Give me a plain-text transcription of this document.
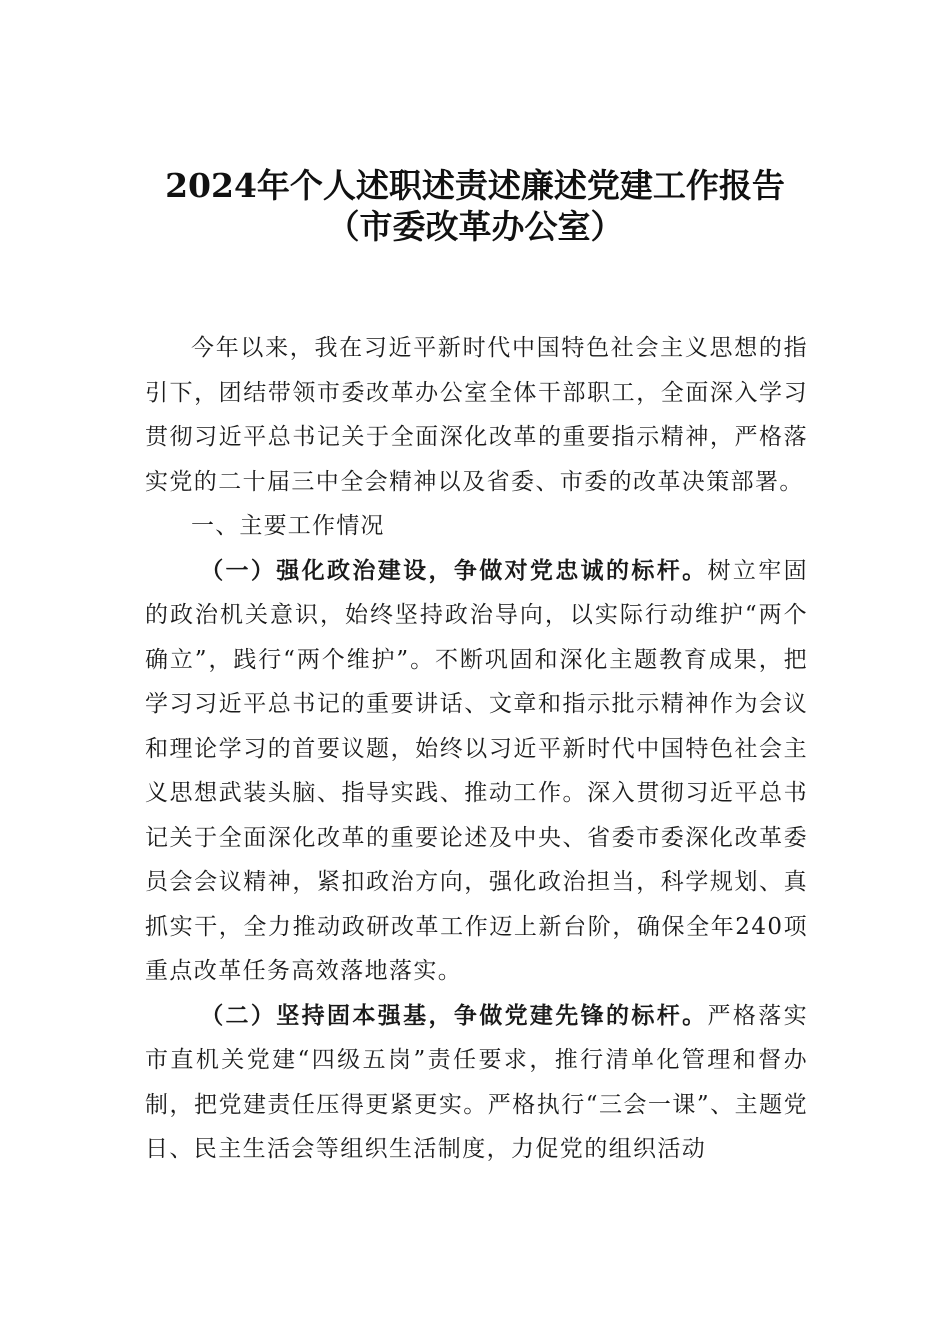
2024年个人述职述责述廉述党建工作报告
（市委改革办公室）

今年以来，我在习近平新时代中国特色社会主义思想的指引下，团结带领市委改革办公室全体干部职工，全面深入学习贯彻习近平总书记关于全面深化改革的重要指示精神，严格落实党的二十届三中全会精神以及省委、市委的改革决策部署。

一、主要工作情况

（一）强化政治建设，争做对党忠诚的标杆。树立牢固的政治机关意识，始终坚持政治导向，以实际行动维护“两个确立”，践行“两个维护”。不断巩固和深化主题教育成果，把学习习近平总书记的重要讲话、文章和指示批示精神作为会议和理论学习的首要议题，始终以习近平新时代中国特色社会主义思想武装头脑、指导实践、推动工作。深入贯彻习近平总书记关于全面深化改革的重要论述及中央、省委市委深化改革委员会会议精神，紧扣政治方向，强化政治担当，科学规划、真抓实干，全力推动政研改革工作迈上新台阶，确保全年240项重点改革任务高效落地落实。

（二）坚持固本强基，争做党建先锋的标杆。严格落实市直机关党建“四级五岗”责任要求，推行清单化管理和督办制，把党建责任压得更紧更实。严格执行“三会一课”、主题党日、民主生活会等组织生活制度，力促党的组织活动
